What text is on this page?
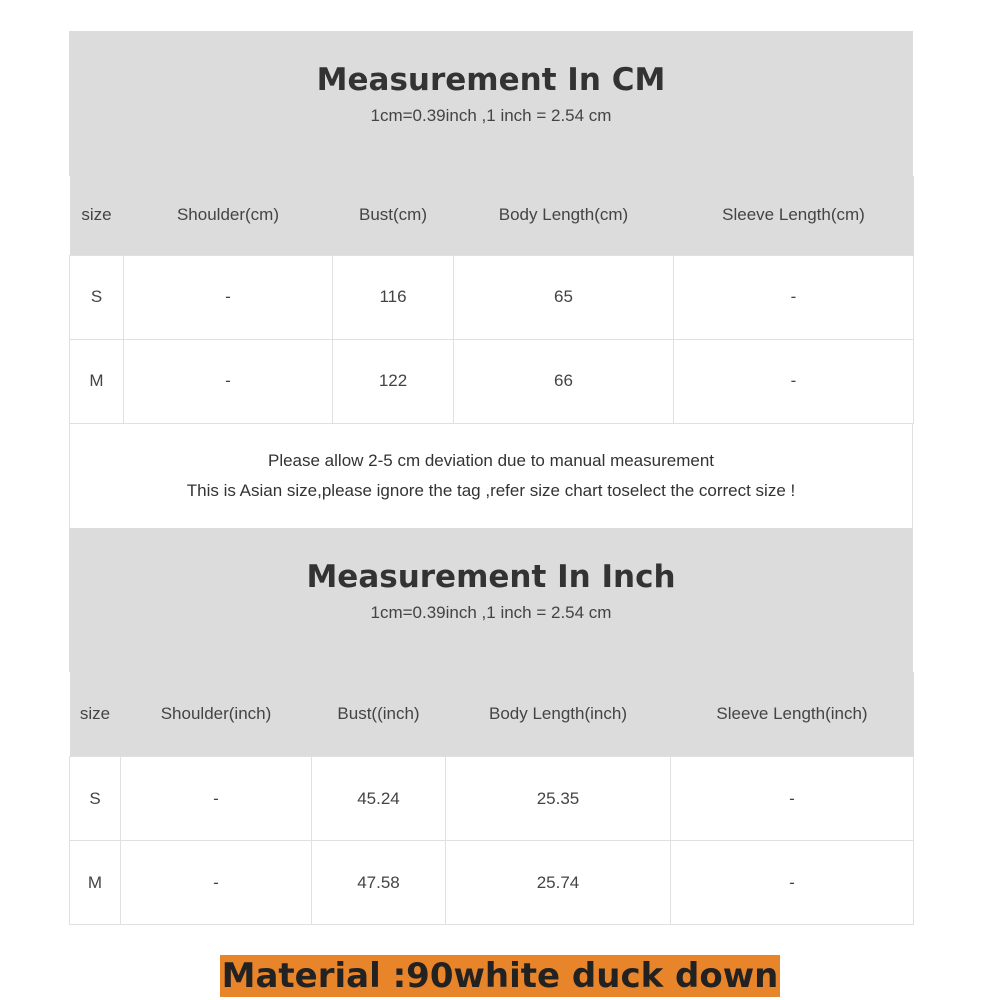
Measurement In CM
1cm=0.39inch ,1 inch = 2.54 cm
size	Shoulder(cm)	Bust(cm)	Body Length(cm)	Sleeve Length(cm)
S	-	116	65	-
M	-	122	66	-
Please allow 2-5 cm deviation due to manual measurement
This is Asian size,please ignore the tag ,refer size chart toselect the correct size !
Measurement In Inch
1cm=0.39inch ,1 inch = 2.54 cm
size	Shoulder(inch)	Bust((inch)	Body Length(inch)	Sleeve Length(inch)
S	-	45.24	25.35	-
M	-	47.58	25.74	-
Material :90white duck down
